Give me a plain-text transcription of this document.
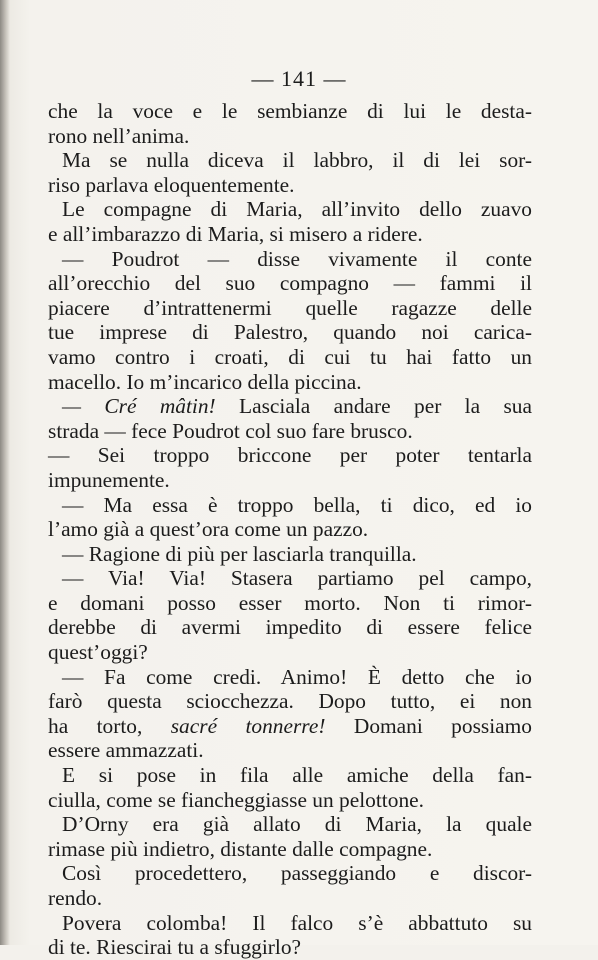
— 141 —
che la voce e le sembianze di lui le desta-
rono nell’anima.
Ma se nulla diceva il labbro, il di lei sor-
riso parlava eloquentemente.
Le compagne di Maria, all’invito dello zuavo
e all’imbarazzo di Maria, si misero a ridere.
— Poudrot — disse vivamente il conte
all’orecchio del suo compagno — fammi il
piacere d’intrattenermi quelle ragazze delle
tue imprese di Palestro, quando noi carica-
vamo contro i croati, di cui tu hai fatto un
macello. Io m’incarico della piccina.
— Cré mâtin! Lasciala andare per la sua
strada — fece Poudrot col suo fare brusco.
— Sei troppo briccone per poter tentarla
impunemente.
— Ma essa è troppo bella, ti dico, ed io
l’amo già a quest’ora come un pazzo.
— Ragione di più per lasciarla tranquilla.
— Via! Via! Stasera partiamo pel campo,
e domani posso esser morto. Non ti rimor-
derebbe di avermi impedito di essere felice
quest’oggi?
— Fa come credi. Animo! È detto che io
farò questa sciocchezza. Dopo tutto, ei non
ha torto, sacré tonnerre! Domani possiamo
essere ammazzati.
E si pose in fila alle amiche della fan-
ciulla, come se fiancheggiasse un pelottone.
D’Orny era già allato di Maria, la quale
rimase più indietro, distante dalle compagne.
Così procedettero, passeggiando e discor-
rendo.
Povera colomba! Il falco s’è abbattuto su
di te. Riescirai tu a sfuggirlo?
